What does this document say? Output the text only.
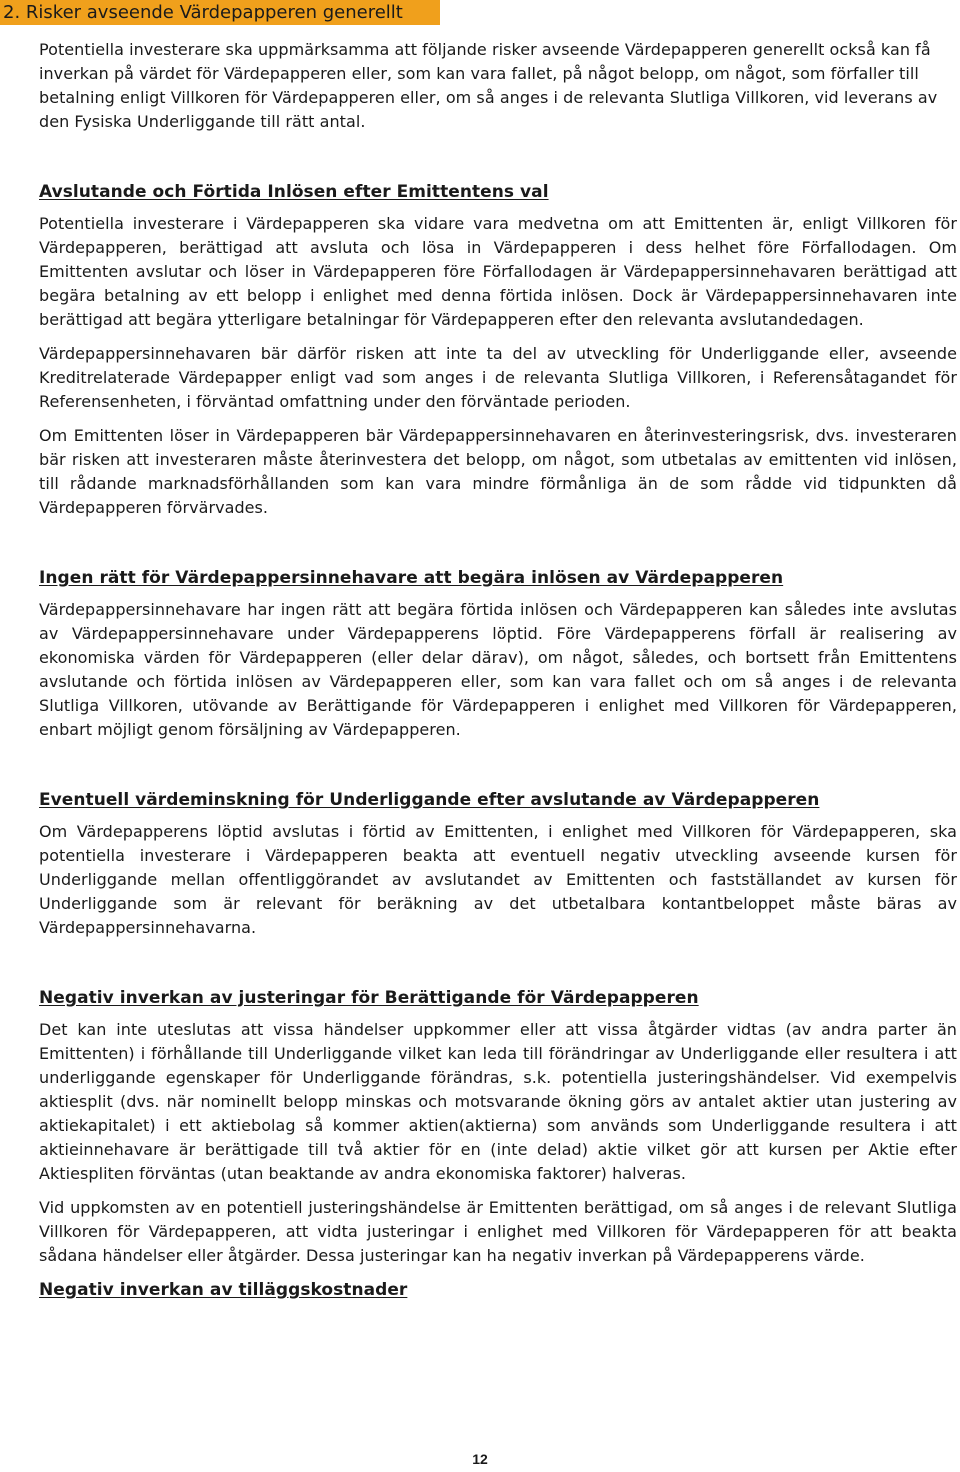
2. Risker avseende Värdepapperen generellt

Potentiella investerare ska uppmärksamma att följande risker avseende Värdepapperen generellt också kan få inverkan på värdet för Värdepapperen eller, som kan vara fallet, på något belopp, om något, som förfaller till betalning enligt Villkoren för Värdepapperen eller, om så anges i de relevanta Slutliga Villkoren, vid leverans av den Fysiska Underliggande till rätt antal.

Avslutande och Förtida Inlösen efter Emittentens val

Potentiella investerare i Värdepapperen ska vidare vara medvetna om att Emittenten är, enligt Villkoren för Värdepapperen, berättigad att avsluta och lösa in Värdepapperen i dess helhet före Förfallodagen. Om Emittenten avslutar och löser in Värdepapperen före Förfallodagen är Värdepappersinnehavaren berättigad att begära betalning av ett belopp i enlighet med denna förtida inlösen. Dock är Värdepappersinnehavaren inte berättigad att begära ytterligare betalningar för Värdepapperen efter den relevanta avslutandedagen.

Värdepappersinnehavaren bär därför risken att inte ta del av utveckling för Underliggande eller, avseende Kreditrelaterade Värdepapper enligt vad som anges i de relevanta Slutliga Villkoren, i Referensåtagandet för Referensenheten, i förväntad omfattning under den förväntade perioden.

Om Emittenten löser in Värdepapperen bär Värdepappersinnehavaren en återinvesteringsrisk, dvs. investeraren bär risken att investeraren måste återinvestera det belopp, om något, som utbetalas av emittenten vid inlösen, till rådande marknadsförhållanden som kan vara mindre förmånliga än de som rådde vid tidpunkten då Värdepapperen förvärvades.

Ingen rätt för Värdepappersinnehavare att begära inlösen av Värdepapperen

Värdepappersinnehavare har ingen rätt att begära förtida inlösen och Värdepapperen kan således inte avslutas av Värdepappersinnehavare under Värdepapperens löptid. Före Värdepapperens förfall är realisering av ekonomiska värden för Värdepapperen (eller delar därav), om något, således, och bortsett från Emittentens avslutande och förtida inlösen av Värdepapperen eller, som kan vara fallet och om så anges i de relevanta Slutliga Villkoren, utövande av Berättigande för Värdepapperen i enlighet med Villkoren för Värdepapperen, enbart möjligt genom försäljning av Värdepapperen.

Eventuell värdeminskning för Underliggande efter avslutande av Värdepapperen

Om Värdepapperens löptid avslutas i förtid av Emittenten, i enlighet med Villkoren för Värdepapperen, ska potentiella investerare i Värdepapperen beakta att eventuell negativ utveckling avseende kursen för Underliggande mellan offentliggörandet av avslutandet av Emittenten och fastställandet av kursen för Underliggande som är relevant för beräkning av det utbetalbara kontantbeloppet måste bäras av Värdepappersinnehavarna.

Negativ inverkan av justeringar för Berättigande för Värdepapperen

Det kan inte uteslutas att vissa händelser uppkommer eller att vissa åtgärder vidtas (av andra parter än Emittenten) i förhållande till Underliggande vilket kan leda till förändringar av Underliggande eller resultera i att underliggande egenskaper för Underliggande förändras, s.k. potentiella justeringshändelser. Vid exempelvis aktiesplit (dvs. när nominellt belopp minskas och motsvarande ökning görs av antalet aktier utan justering av aktiekapitalet) i ett aktiebolag så kommer aktien(aktierna) som används som Underliggande resultera i att aktieinnehavare är berättigade till två aktier för en (inte delad) aktie vilket gör att kursen per Aktie efter Aktiespliten förväntas (utan beaktande av andra ekonomiska faktorer) halveras.

Vid uppkomsten av en potentiell justeringshändelse är Emittenten berättigad, om så anges i de relevant Slutliga Villkoren för Värdepapperen, att vidta justeringar i enlighet med Villkoren för Värdepapperen för att beakta sådana händelser eller åtgärder. Dessa justeringar kan ha negativ inverkan på Värdepapperens värde.

Negativ inverkan av tilläggskostnader

12
